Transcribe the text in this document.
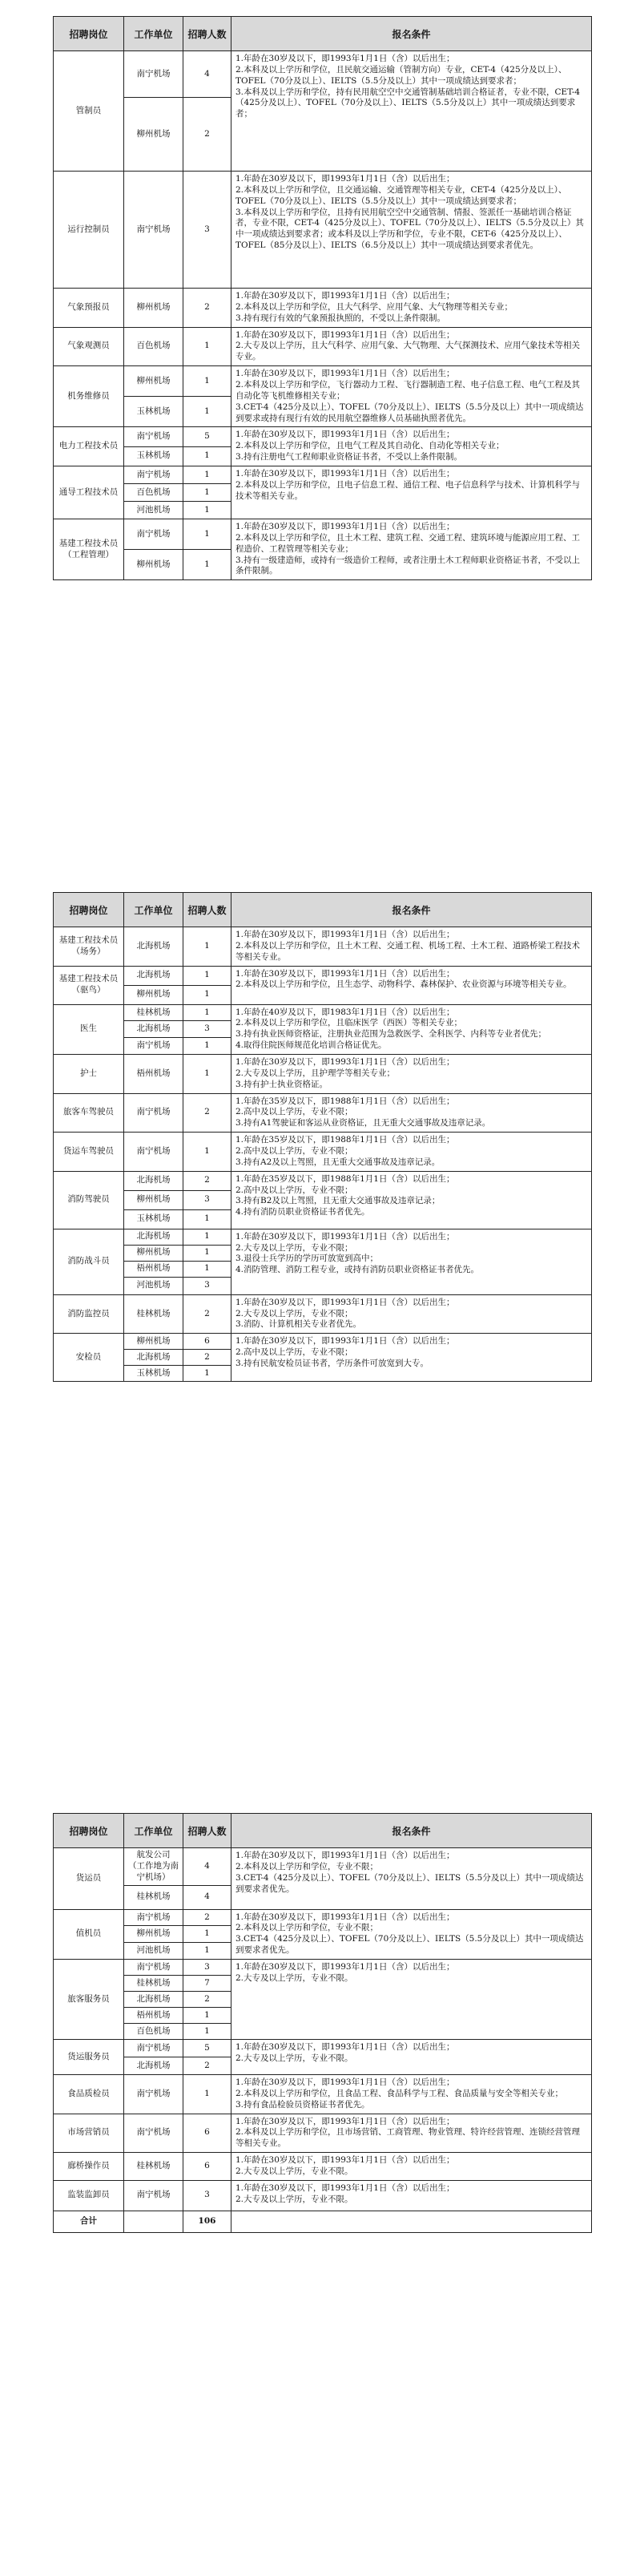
招聘岗位	工作单位	招聘人数	报名条件
管制员	南宁机场	4	1.年龄在30岁及以下，即1993年1月1日（含）以后出生；
2.本科及以上学历和学位，且民航交通运输（管制方向）专业，CET-4（425分及以上）、TOFEL（70分及以上）、IELTS（5.5分及以上）其中一项成绩达到要求者；
3.本科及以上学历和学位，持有民用航空空中交通管制基础培训合格证者，专业不限，CET-4（425分及以上）、TOFEL（70分及以上）、IELTS（5.5分及以上）其中一项成绩达到要求者；
	柳州机场	2	
运行控制员	南宁机场	3	1.年龄在30岁及以下，即1993年1月1日（含）以后出生；
2.本科及以上学历和学位，且交通运输、交通管理等相关专业，CET-4（425分及以上）、TOFEL（70分及以上）、IELTS（5.5分及以上）其中一项成绩达到要求者；
3.本科及以上学历和学位，且持有民用航空空中交通管制、情报、签派任一基础培训合格证者，专业不限，CET-4（425分及以上）、TOFEL（70分及以上）、IELTS（5.5分及以上）其中一项成绩达到要求者；或本科及以上学历和学位，专业不限，CET-6（425分及以上）、TOFEL（85分及以上）、IELTS（6.5分及以上）其中一项成绩达到要求者优先。
气象预报员	柳州机场	2	1.年龄在30岁及以下，即1993年1月1日（含）以后出生；
2.本科及以上学历和学位，且大气科学、应用气象、大气物理等相关专业；
3.持有现行有效的气象预报执照的，不受以上条件限制。
气象观测员	百色机场	1	1.年龄在30岁及以下，即1993年1月1日（含）以后出生；
2.大专及以上学历，且大气科学、应用气象、大气物理、大气探测技术、应用气象技术等相关专业。
机务维修员	柳州机场	1	1.年龄在30岁及以下，即1993年1月1日（含）以后出生；
2.本科及以上学历和学位，飞行器动力工程、飞行器制造工程、电子信息工程、电气工程及其自动化等飞机维修相关专业；
3.CET-4（425分及以上）、TOFEL（70分及以上）、IELTS（5.5分及以上）其中一项成绩达到要求或持有现行有效的民用航空器维修人员基础执照者优先。
	玉林机场	1	
电力工程技术员	南宁机场	5	1.年龄在30岁及以下，即1993年1月1日（含）以后出生；
2.本科及以上学历和学位，且电气工程及其自动化、自动化等相关专业；
3.持有注册电气工程师职业资格证书者，不受以上条件限制。
	玉林机场	1	
通导工程技术员	南宁机场	1	1.年龄在30岁及以下，即1993年1月1日（含）以后出生；
2.本科及以上学历和学位，且电子信息工程、通信工程、电子信息科学与技术、计算机科学与技术等相关专业。
	百色机场	1	
	河池机场	1	
基建工程技术员
（工程管理）	南宁机场	1	1.年龄在30岁及以下，即1993年1月1日（含）以后出生；
2.本科及以上学历和学位，且土木工程、建筑工程、交通工程、建筑环境与能源应用工程、工程造价、工程管理等相关专业；
3.持有一级建造师，或持有一级造价工程师，或者注册土木工程师职业资格证书者，不受以上条件限制。
	柳州机场	1	
招聘岗位	工作单位	招聘人数	报名条件
基建工程技术员
（场务）	北海机场	1	1.年龄在30岁及以下，即1993年1月1日（含）以后出生；
2.本科及以上学历和学位，且土木工程、交通工程、机场工程、土木工程、道路桥梁工程技术等相关专业。
基建工程技术员
（驱鸟）	北海机场	1	1.年龄在30岁及以下，即1993年1月1日（含）以后出生；
2.本科及以上学历和学位，且生态学、动物科学、森林保护、农业资源与环境等相关专业。
	柳州机场	1	
医生	桂林机场	1	1.年龄在40岁及以下，即1983年1月1日（含）以后出生；
2.本科及以上学历和学位，且临床医学（西医）等相关专业；
3.持有执业医师资格证，注册执业范围为急救医学、全科医学、内科等专业者优先；
4.取得住院医师规范化培训合格证优先。
	北海机场	3	
	南宁机场	1	
护士	梧州机场	1	1.年龄在30岁及以下，即1993年1月1日（含）以后出生；
2.大专及以上学历，且护理学等相关专业；
3.持有护士执业资格证。
旅客车驾驶员	南宁机场	2	1.年龄在35岁及以下，即1988年1月1日（含）以后出生；
2.高中及以上学历，专业不限；
3.持有A1驾驶证和客运从业资格证，且无重大交通事故及违章记录。
货运车驾驶员	南宁机场	1	1.年龄在35岁及以下，即1988年1月1日（含）以后出生；
2.高中及以上学历，专业不限；
3.持有A2及以上驾照，且无重大交通事故及违章记录。
消防驾驶员	北海机场	2	1.年龄在35岁及以下，即1988年1月1日（含）以后出生；
2.高中及以上学历，专业不限；
3.持有B2及以上驾照，且无重大交通事故及违章记录；
4.持有消防员职业资格证书者优先。
	柳州机场	3	
	玉林机场	1	
消防战斗员	北海机场	1	1.年龄在30岁及以下，即1993年1月1日（含）以后出生；
2.大专及以上学历，专业不限；
3.退役士兵学历的学历可放宽到高中；
4.消防管理、消防工程专业，或持有消防员职业资格证书者优先。
	柳州机场	1	
	梧州机场	1	
	河池机场	3	
消防监控员	桂林机场	2	1.年龄在30岁及以下，即1993年1月1日（含）以后出生；
2.大专及以上学历，专业不限；
3.消防、计算机相关专业者优先。
安检员	柳州机场	6	1.年龄在30岁及以下，即1993年1月1日（含）以后出生；
2.高中及以上学历，专业不限；
3.持有民航安检员证书者，学历条件可放宽到大专。
	北海机场	2	
	玉林机场	1	
招聘岗位	工作单位	招聘人数	报名条件
货运员	航发公司
（工作地为南宁机场）	4	1.年龄在30岁及以下，即1993年1月1日（含）以后出生；
2.本科及以上学历和学位，专业不限；
3.CET-4（425分及以上）、TOFEL（70分及以上）、IELTS（5.5分及以上）其中一项成绩达到要求者优先。
	桂林机场	4	
值机员	南宁机场	2	1.年龄在30岁及以下，即1993年1月1日（含）以后出生；
2.本科及以上学历和学位，专业不限；
3.CET-4（425分及以上）、TOFEL（70分及以上）、IELTS（5.5分及以上）其中一项成绩达到要求者优先。
	柳州机场	1	
	河池机场	1	
旅客服务员	南宁机场	3	1.年龄在30岁及以下，即1993年1月1日（含）以后出生；
2.大专及以上学历，专业不限。
	桂林机场	7	
	北海机场	2	
	梧州机场	1	
	百色机场	1	
货运服务员	南宁机场	5	1.年龄在30岁及以下，即1993年1月1日（含）以后出生；
2.大专及以上学历，专业不限。
	北海机场	2	
食品质检员	南宁机场	1	1.年龄在30岁及以下，即1993年1月1日（含）以后出生；
2.本科及以上学历和学位，且食品工程、食品科学与工程、食品质量与安全等相关专业；
3.持有食品检验员资格证书者优先。
市场营销员	南宁机场	6	1.年龄在30岁及以下，即1993年1月1日（含）以后出生；
2.本科及以上学历和学位，且市场营销、工商管理、物业管理、特许经营管理、连锁经营管理等相关专业。
廊桥操作员	桂林机场	6	1.年龄在30岁及以下，即1993年1月1日（含）以后出生；
2.大专及以上学历，专业不限。
监装监卸员	南宁机场	3	1.年龄在30岁及以下，即1993年1月1日（含）以后出生；
2.大专及以上学历，专业不限。
合计		106	
